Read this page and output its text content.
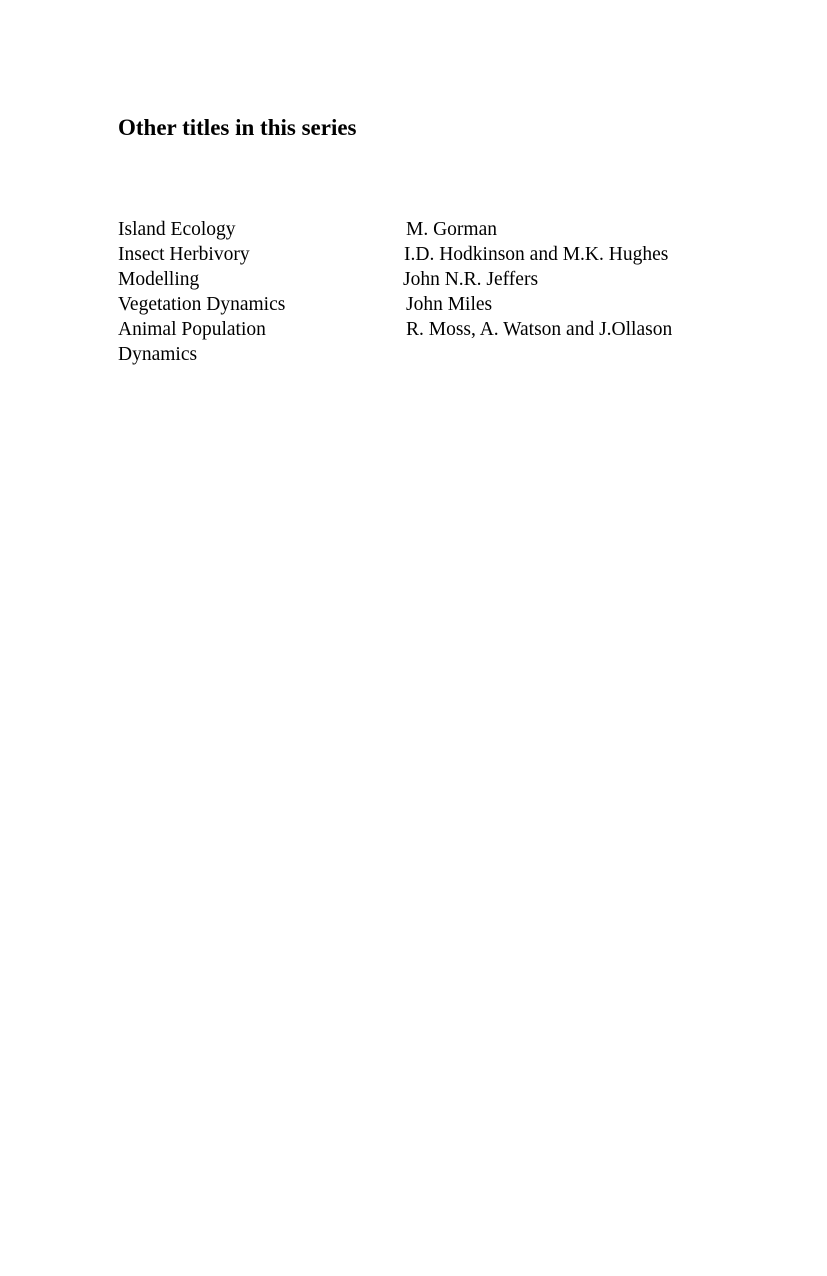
Other titles in this series
Island Ecology	M. Gorman
Insect Herbivory	I.D. Hodkinson and M.K. Hughes
Modelling	John N.R. Jeffers
Vegetation Dynamics	John Miles
Animal Population	R. Moss, A. Watson and J.Ollason
Dynamics
